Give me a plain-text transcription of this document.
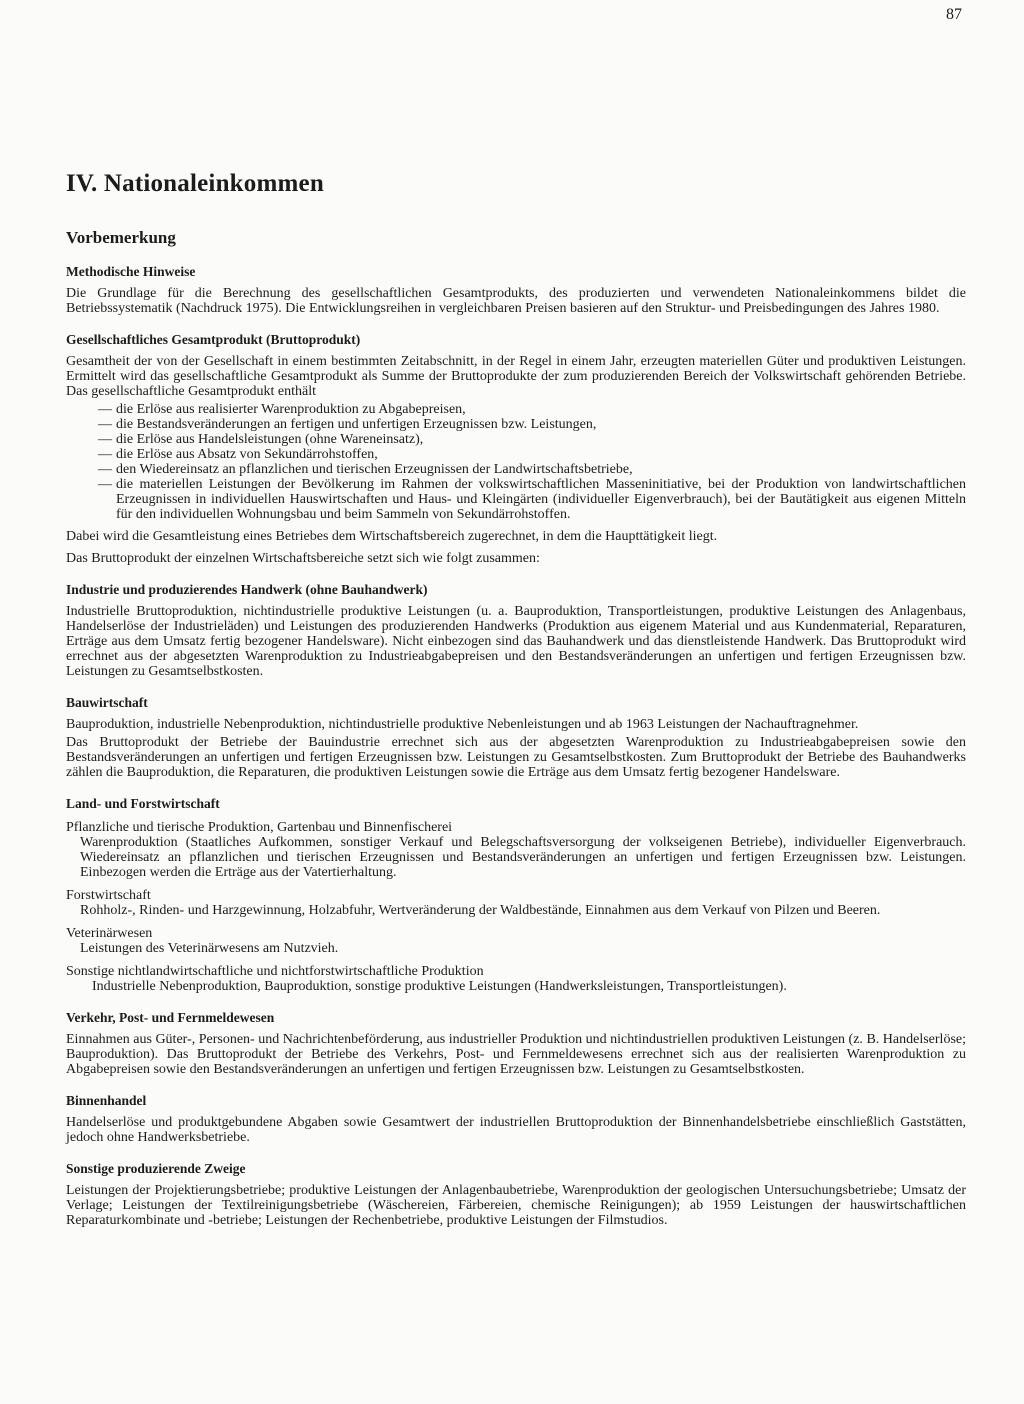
87
IV. Nationaleinkommen
Vorbemerkung
Methodische Hinweise

Die Grundlage für die Berechnung des gesellschaftlichen Gesamtprodukts, des produzierten und verwendeten Nationaleinkommens bildet die Betriebssystematik (Nachdruck 1975). Die Entwicklungsreihen in vergleichbaren Preisen basieren auf den Struktur- und Preisbedingungen des Jahres 1980.

Gesellschaftliches Gesamtprodukt (Bruttoprodukt)

Gesamtheit der von der Gesellschaft in einem bestimmten Zeitabschnitt, in der Regel in einem Jahr, erzeugten materiellen Güter und produktiven Leistungen. Ermittelt wird das gesellschaftliche Gesamtprodukt als Summe der Bruttoprodukte der zum produzierenden Bereich der Volkswirtschaft gehörenden Betriebe. Das gesellschaftliche Gesamtprodukt enthält

— die Erlöse aus realisierter Warenproduktion zu Abgabepreisen,
— die Bestandsveränderungen an fertigen und unfertigen Erzeugnissen bzw. Leistungen,
— die Erlöse aus Handelsleistungen (ohne Wareneinsatz),
— die Erlöse aus Absatz von Sekundärrohstoffen,
— den Wiedereinsatz an pflanzlichen und tierischen Erzeugnissen der Landwirtschaftsbetriebe,
— die materiellen Leistungen der Bevölkerung im Rahmen der volkswirtschaftlichen Masseninitiative, bei der Produktion von landwirtschaftlichen Erzeugnissen in individuellen Hauswirtschaften und Haus- und Kleingärten (individueller Eigenverbrauch), bei der Bautätigkeit aus eigenen Mitteln für den individuellen Wohnungsbau und beim Sammeln von Sekundärrohstoffen.

Dabei wird die Gesamtleistung eines Betriebes dem Wirtschaftsbereich zugerechnet, in dem die Haupttätigkeit liegt.

Das Bruttoprodukt der einzelnen Wirtschaftsbereiche setzt sich wie folgt zusammen:

Industrie und produzierendes Handwerk (ohne Bauhandwerk)

Industrielle Bruttoproduktion, nichtindustrielle produktive Leistungen (u. a. Bauproduktion, Transportleistungen, produktive Leistungen des Anlagenbaus, Handelserlöse der Industrieläden) und Leistungen des produzierenden Handwerks (Produktion aus eigenem Material und aus Kundenmaterial, Reparaturen, Erträge aus dem Umsatz fertig bezogener Handelsware). Nicht einbezogen sind das Bauhandwerk und das dienstleistende Handwerk. Das Bruttoprodukt wird errechnet aus der abgesetzten Warenproduktion zu Industrieabgabepreisen und den Bestandsveränderungen an unfertigen und fertigen Erzeugnissen bzw. Leistungen zu Gesamtselbstkosten.

Bauwirtschaft

Bauproduktion, industrielle Nebenproduktion, nichtindustrielle produktive Nebenleistungen und ab 1963 Leistungen der Nachauftragnehmer.

Das Bruttoprodukt der Betriebe der Bauindustrie errechnet sich aus der abgesetzten Warenproduktion zu Industrieabgabepreisen sowie den Bestandsveränderungen an unfertigen und fertigen Erzeugnissen bzw. Leistungen zu Gesamtselbstkosten. Zum Bruttoprodukt der Betriebe des Bauhandwerks zählen die Bauproduktion, die Reparaturen, die produktiven Leistungen sowie die Erträge aus dem Umsatz fertig bezogener Handelsware.

Land- und Forstwirtschaft
Pflanzliche und tierische Produktion, Gartenbau und Binnenfischerei

Warenproduktion (Staatliches Aufkommen, sonstiger Verkauf und Belegschaftsversorgung der volkseigenen Betriebe), individueller Eigenverbrauch. Wiedereinsatz an pflanzlichen und tierischen Erzeugnissen und Bestandsveränderungen an unfertigen und fertigen Erzeugnissen bzw. Leistungen. Einbezogen werden die Erträge aus der Vatertierhaltung.

Forstwirtschaft

Rohholz-, Rinden- und Harzgewinnung, Holzabfuhr, Wertveränderung der Waldbestände, Einnahmen aus dem Verkauf von Pilzen und Beeren.

Veterinärwesen

Leistungen des Veterinärwesens am Nutzvieh.

Sonstige nichtlandwirtschaftliche und nichtforstwirtschaftliche Produktion

Industrielle Nebenproduktion, Bauproduktion, sonstige produktive Leistungen (Handwerksleistungen, Transportleistungen).

Verkehr, Post- und Fernmeldewesen

Einnahmen aus Güter-, Personen- und Nachrichtenbeförderung, aus industrieller Produktion und nichtindustriellen produktiven Leistungen (z. B. Handelserlöse; Bauproduktion). Das Bruttoprodukt der Betriebe des Verkehrs, Post- und Fernmeldewesens errechnet sich aus der realisierten Warenproduktion zu Abgabepreisen sowie den Bestandsveränderungen an unfertigen und fertigen Erzeugnissen bzw. Leistungen zu Gesamtselbstkosten.

Binnenhandel

Handelserlöse und produktgebundene Abgaben sowie Gesamtwert der industriellen Bruttoproduktion der Binnenhandelsbetriebe einschließlich Gaststätten, jedoch ohne Handwerksbetriebe.

Sonstige produzierende Zweige

Leistungen der Projektierungsbetriebe; produktive Leistungen der Anlagenbaubetriebe, Warenproduktion der geologischen Untersuchungsbetriebe; Umsatz der Verlage; Leistungen der Textilreinigungsbetriebe (Wäschereien, Färbereien, chemische Reinigungen); ab 1959 Leistungen der hauswirtschaftlichen Reparaturkombinate und -betriebe; Leistungen der Rechenbetriebe, produktive Leistungen der Filmstudios.
